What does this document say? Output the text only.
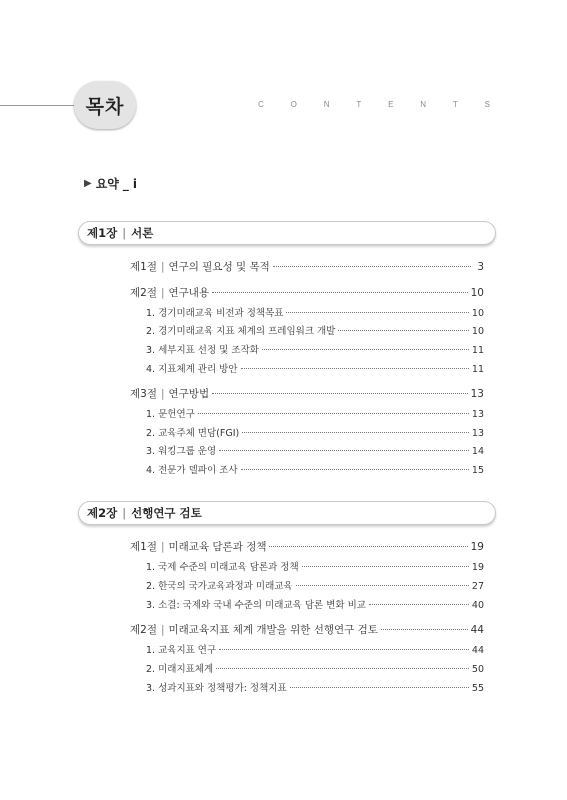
목차	C	O	N	T	E	N	T	S
▶ 요약 _ i
제1장 | 서론
제1절 | 연구의 필요성 및 목적	3
제2절 | 연구내용	10
1. 경기미래교육 비전과 정책목표	10
2. 경기미래교육 지표 체계의 프레임워크 개발	10
3. 세부지표 선정 및 조작화	11
4. 지표체계 관리 방안	11
제3절 | 연구방법	13
1. 문헌연구	13
2. 교육주체 면담(FGI)	13
3. 워킹그룹 운영	14
4. 전문가 델파이 조사	15
제2장 | 선행연구 검토
제1절 | 미래교육 담론과 정책	19
1. 국제 수준의 미래교육 담론과 정책	19
2. 한국의 국가교육과정과 미래교육	27
3. 소결: 국제와 국내 수준의 미래교육 담론 변화 비교	40
제2절 | 미래교육지표 체계 개발을 위한 선행연구 검토	44
1. 교육지표 연구	44
2. 미래지표체계	50
3. 성과지표와 정책평가: 정책지표	55
